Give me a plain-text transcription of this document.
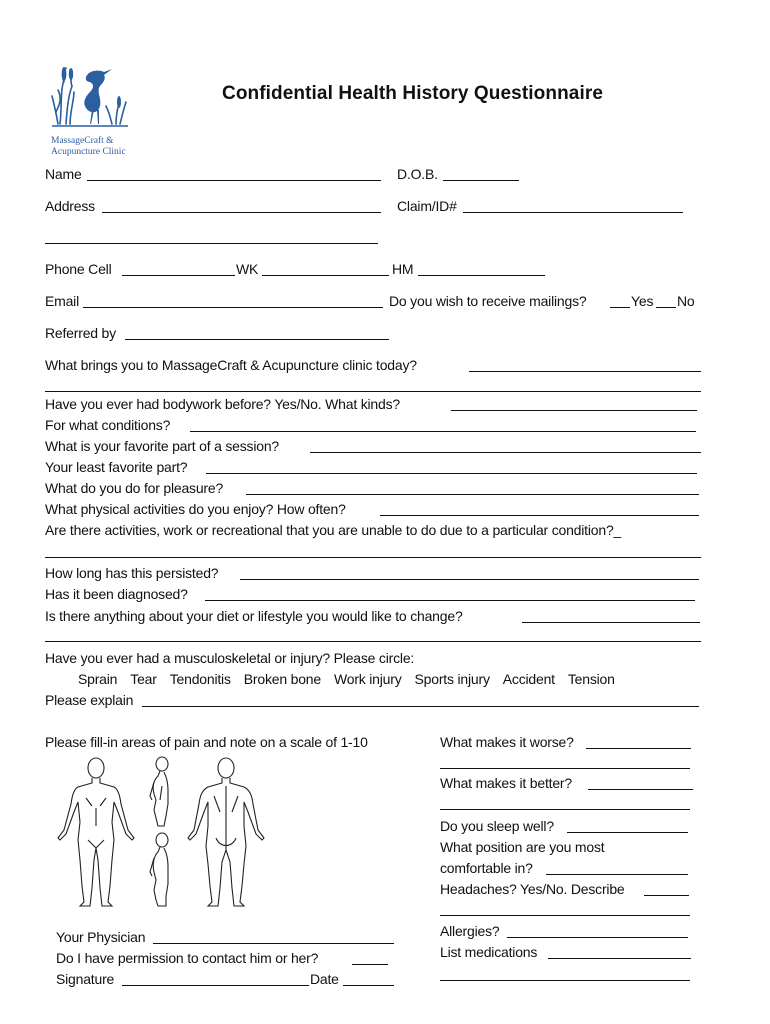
MassageCraft &
Acupuncture Clinic
Confidential Health History Questionnaire
Name	D.O.B.
Address	Claim/ID#
Phone Cell	WK	HM
Email	Do you wish to receive mailings?	Yes No
Referred by
What brings you to MassageCraft & Acupuncture clinic today?
Have you ever had bodywork before? Yes/No. What kinds?
For what conditions?
What is your favorite part of a session?
Your least favorite part?
What do you do for pleasure?
What physical activities do you enjoy? How often?
Are there activities, work or recreational that you are unable to do due to a particular condition?_
How long has this persisted?
Has it been diagnosed?
Is there anything about your diet or lifestyle you would like to change?
Have you ever had a musculoskeletal or injury? Please circle:
Sprain Tear Tendonitis Broken bone Work injury Sports injury Accident Tension
Please explain
Please fill-in areas of pain and note on a scale of 1-10	What makes it worse?
What makes it better?
Do you sleep well?
What position are you most
comfortable in?
Headaches? Yes/No. Describe
Allergies?
List medications
Your Physician
Do I have permission to contact him or her?
Signature	Date
